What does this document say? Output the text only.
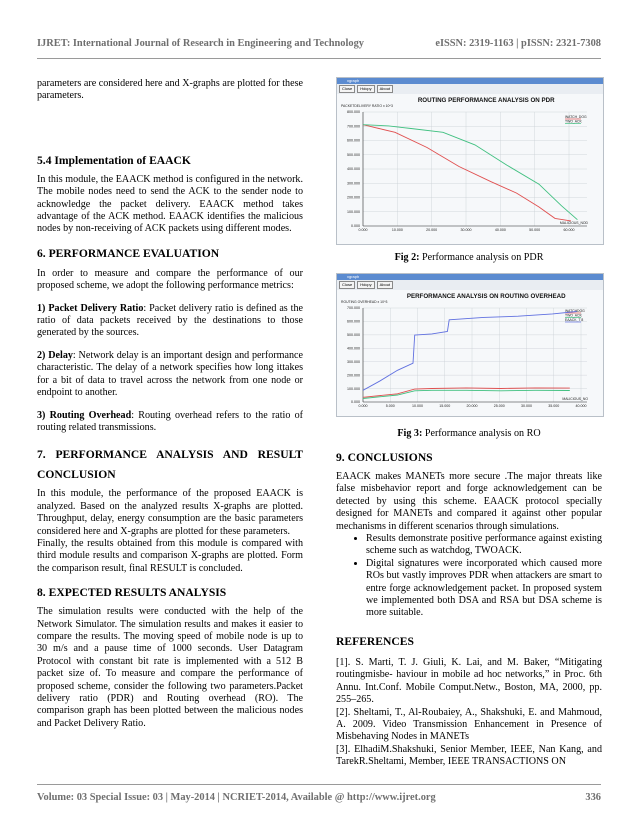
IJRET: International Journal of Research in Engineering and Technology	eISSN: 2319-1163 | pISSN: 2321-7308

parameters are considered here and X-graphs are plotted for these parameters.

5.4 Implementation of EAACK

In this module, the EAACK method is configured in the network. The mobile nodes need to send the ACK to the sender node to acknowledge the packet delivery. EAACK method takes advantage of the ACK method. EAACK identifies the malicious nodes by non-receiving of ACK packets using different modes.

6. PERFORMANCE EVALUATION

In order to measure and compare the performance of our proposed scheme, we adopt the following performance metrics:

1) Packet Delivery Ratio: Packet delivery ratio is defined as the ratio of data packets received by the destinations to those generated by the sources.

2) Delay: Network delay is an important design and performance characteristic. The delay of a network specifies how long ittakes for a bit of data to travel across the network from one node or endpoint to another.

3) Routing Overhead: Routing overhead refers to the ratio of routing related transmissions.

7. PERFORMANCE ANALYSIS AND RESULT

CONCLUSION

In this module, the performance of the proposed EAACK is analyzed. Based on the analyzed results X-graphs are plotted. Throughput, delay, energy consumption are the basic parameters considered here and X-graphs are plotted for these parameters.

Finally, the results obtained from this module is compared with third module results and comparison X-graphs are plotted. Form the comparison result, final RESULT is concluded.

8. EXPECTED RESULTS ANALYSIS

The simulation results were conducted with the help of the Network Simulator. The simulation results and makes it easier to compare the results. The moving speed of mobile node is up to 30 m/s and a pause time of 1000 seconds. User Datagram Protocol with constant bit rate is implemented with a 512 B packet size of. To measure and compare the performance of proposed scheme, consider the following two parameters.Packet delivery ratio (PDR) and Routing overhead (RO). The comparison graph has been plotted between the malicious nodes and Packet Delivery Ratio.

xgraph
Close	Hdcpy	About
ROUTING PERFORMANCE ANALYSIS ON PDR
PACKETDELIVERY RATIO x 10^3
0.000
100.000
200.000
300.000
400.000
500.000
600.000
700.000
800.000
0.000	10.000	20.000	30.000	40.000	50.000	60.000
MALICIOUS_NOD
WATCH_DOG
TWO_ACK
Fig 2: Performance analysis on PDR
xgraph
Close	Hdcpy	About
PERFORMANCE ANALYSIS ON ROUTING OVERHEAD
ROUTING OVERHEAD x 10^3
0.000
100.000
200.000
300.000
400.000
500.000
600.000
700.000
0.000	5.000	10.000	15.000	20.000	25.000	30.000	35.000	40.000
MALICIOUS_NO
WATCHDOG
TWO_ACK
EAACK_T 8
Fig 3: Performance analysis on RO

9. CONCLUSIONS

EAACK makes MANETs more secure .The major threats like false misbehavior report and forge acknowledgement can be detected by using this scheme. EAACK protocol specially designed for MANETs and compared it against other popular mechanisms in different scenarios through simulations.

• Results demonstrate positive performance against existing scheme such as watchdog, TWOACK.
• Digital signatures were incorporated which caused more ROs but vastly improves PDR when attackers are smart to entre forge acknowledgement packet. In proposed system we implemented both DSA and RSA but DSA scheme is more suitable.

REFERENCES

[1]. S. Marti, T. J. Giuli, K. Lai, and M. Baker, “Mitigating routingmisbe- haviour in mobile ad hoc networks,” in Proc. 6th Annu. Int.Conf. Mobile Comput.Netw., Boston, MA, 2000, pp. 255–265.

[2]. Sheltami, T., Al-Roubaiey, A., Shakshuki, E. and Mahmoud, A. 2009. Video Transmission Enhancement in Presence of Misbehaving Nodes in MANETs

[3]. ElhadiM.Shakshuki, Senior Member, IEEE, Nan Kang, and TarekR.Sheltami, Member, IEEE TRANSACTIONS ON

Volume: 03 Special Issue: 03 | May-2014 | NCRIET-2014, Available @ http://www.ijret.org	336
